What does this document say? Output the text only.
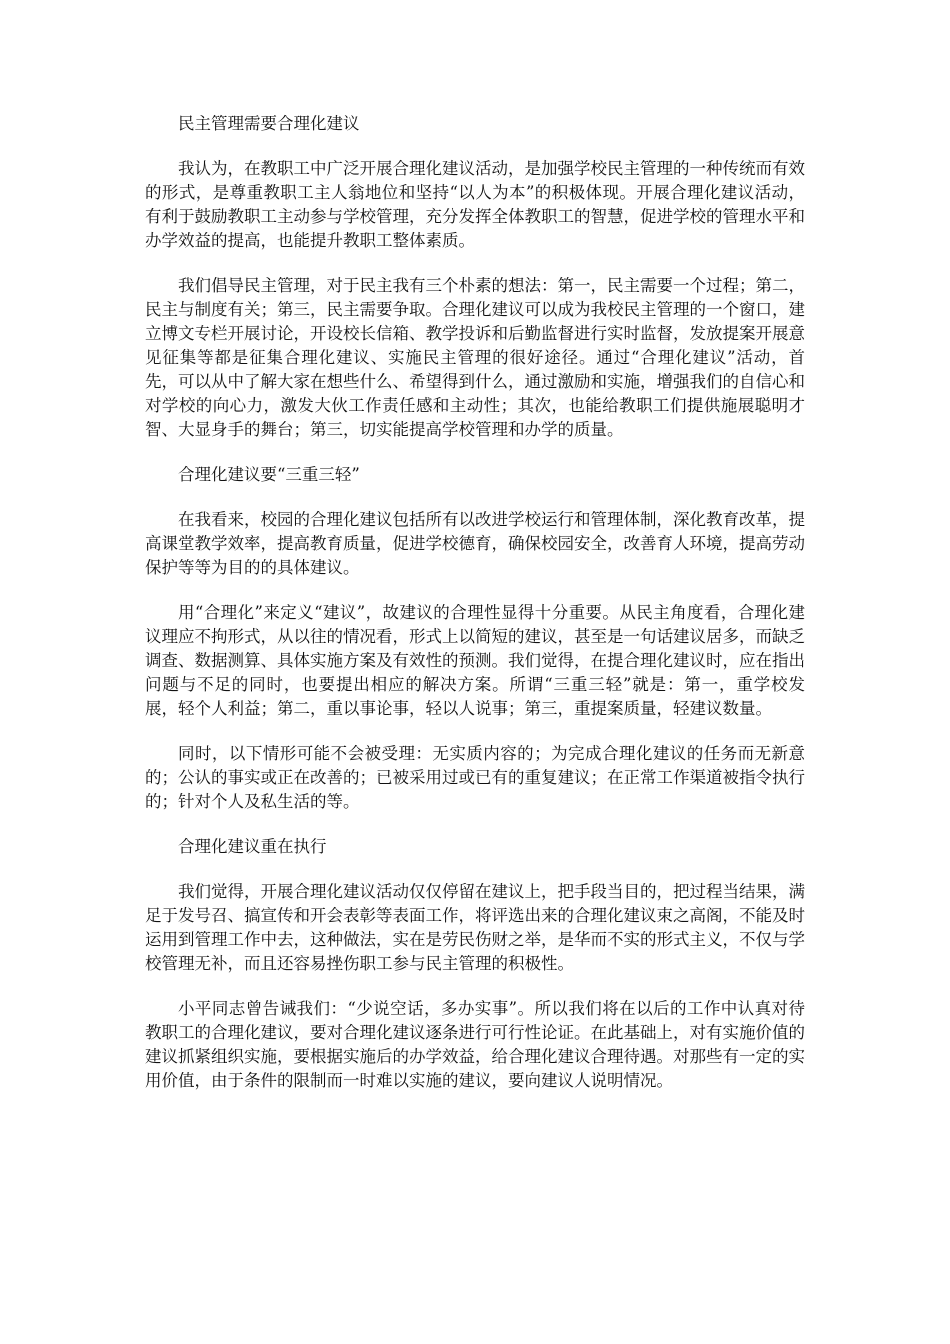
民主管理需要合理化建议

我认为，在教职工中广泛开展合理化建议活动，是加强学校民主管理的一种传统而有效的形式，是尊重教职工主人翁地位和坚持“以人为本”的积极体现。开展合理化建议活动，有利于鼓励教职工主动参与学校管理，充分发挥全体教职工的智慧，促进学校的管理水平和办学效益的提高，也能提升教职工整体素质。

我们倡导民主管理，对于民主我有三个朴素的想法：第一，民主需要一个过程；第二，民主与制度有关；第三，民主需要争取。合理化建议可以成为我校民主管理的一个窗口，建立博文专栏开展讨论，开设校长信箱、教学投诉和后勤监督进行实时监督，发放提案开展意见征集等都是征集合理化建议、实施民主管理的很好途径。通过“合理化建议”活动，首先，可以从中了解大家在想些什么、希望得到什么，通过激励和实施，增强我们的自信心和对学校的向心力，激发大伙工作责任感和主动性；其次，也能给教职工们提供施展聪明才智、大显身手的舞台；第三，切实能提高学校管理和办学的质量。

合理化建议要“三重三轻”

在我看来，校园的合理化建议包括所有以改进学校运行和管理体制，深化教育改革，提高课堂教学效率，提高教育质量，促进学校德育，确保校园安全，改善育人环境，提高劳动保护等等为目的的具体建议。

用“合理化”来定义“建议”，故建议的合理性显得十分重要。从民主角度看，合理化建议理应不拘形式，从以往的情况看，形式上以简短的建议，甚至是一句话建议居多，而缺乏调查、数据测算、具体实施方案及有效性的预测。我们觉得，在提合理化建议时，应在指出问题与不足的同时，也要提出相应的解决方案。所谓“三重三轻”就是：第一，重学校发展，轻个人利益；第二，重以事论事，轻以人说事；第三，重提案质量，轻建议数量。

同时，以下情形可能不会被受理：无实质内容的；为完成合理化建议的任务而无新意的；公认的事实或正在改善的；已被采用过或已有的重复建议；在正常工作渠道被指令执行的；针对个人及私生活的等。

合理化建议重在执行

我们觉得，开展合理化建议活动仅仅停留在建议上，把手段当目的，把过程当结果，满足于发号召、搞宣传和开会表彰等表面工作，将评选出来的合理化建议束之高阁，不能及时运用到管理工作中去，这种做法，实在是劳民伤财之举，是华而不实的形式主义，不仅与学校管理无补，而且还容易挫伤职工参与民主管理的积极性。

小平同志曾告诫我们：“少说空话，多办实事”。所以我们将在以后的工作中认真对待教职工的合理化建议，要对合理化建议逐条进行可行性论证。在此基础上，对有实施价值的建议抓紧组织实施，要根据实施后的办学效益，给合理化建议合理待遇。对那些有一定的实用价值，由于条件的限制而一时难以实施的建议，要向建议人说明情况。
